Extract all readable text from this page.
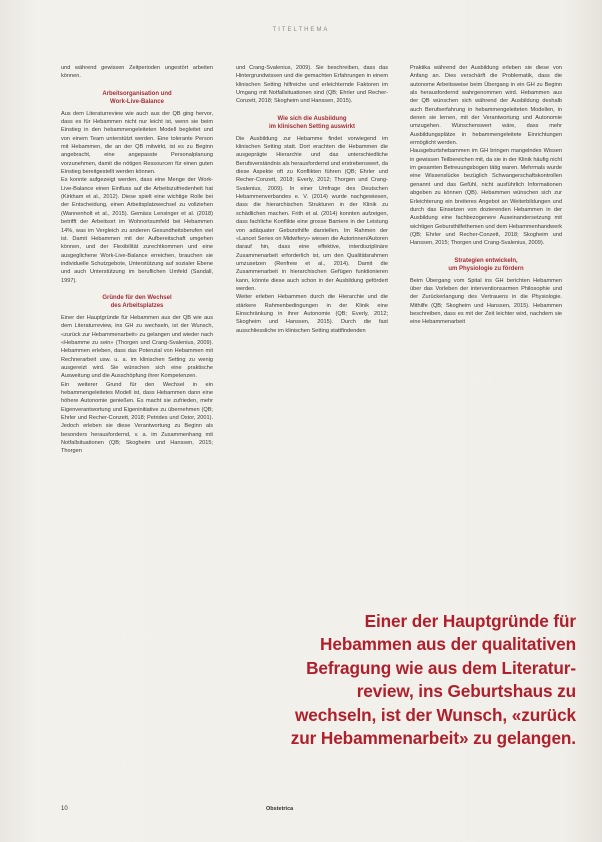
TITELTHEMA

und während gewissen Zeitperioden ungestört arbeiten können.

Arbeitsorganisation und
Work-Live-Balance

Aus dem Literaturreview wie auch aus der QB ging hervor, dass es für Hebammen nicht nur leicht ist, wenn sie beim Einstieg in den hebammengeleiteten Modell begleitet und von einem Team unterstützt werden. Eine tolerante Person mit Hebammen, die an der QB mitwirkt, ist es zu Beginn angebracht, eine angepasste Personalplanung vorzunehmen, damit die nötigen Ressourcen für einen guten Einstieg bereitgestellt werden können.

Es konnte aufgezeigt werden, dass eine Menge der Work-Live-Balance einen Einfluss auf die Arbeitszufriedenheit hat (Kirkham et al., 2012). Diese spielt eine wichtige Rolle bei der Entscheidung, einen Arbeitsplatzwechsel zu vollziehen (Wannenholt et al., 2015). Gemäss Lensinger et al. (2018) betrifft der Arbeitsort im Wohnortsumfeld bei Hebammen 14%, was im Vergleich zu anderen Gesundheitsberufen viel ist. Damit Hebammen mit der Aufbereitschaft umgehen können, und der Flexibilität zurechtkommen und eine ausgeglichene Work-Live-Balance erreichen, brauchen sie individuelle Schutzgebote, Unterstützung auf sozialer Ebene und auch Unterstützung im beruflichen Umfeld (Sandall, 1997).

Gründe für den Wechsel
des Arbeitsplatzes

Einer der Hauptgründe für Hebammen aus der QB wie aus dem Literaturreview, ins GH zu wechseln, ist der Wunsch, «zurück zur Hebammenarbeit» zu gelangen und wieder nach «Hebamme zu sein» (Thorgen und Crang-Svalenius, 2009). Hebammen erleben, dass das Potenzial von Hebammen mit Rechnerarbeit usw. u. a. im klinischen Setting zu wenig ausgereizt wird. Sie wünschen sich eine praktische Ausweitung und die Ausschöpfung ihrer Kompetenzen.

Ein weiterer Grund für den Wechsel in ein hebammengeleitetes Modell ist, dass Hebammen dann eine höhere Autonomie genießen. Es macht sie zufrieden, mehr Eigenverantwortung und Eigeninitiative zu übernehmen (QB; Ehrler und Recher-Conzett, 2018; Petrides und Ostor, 2001). Jedoch erleben sie diese Verantwortung zu Beginn als besonders herausfordernd, v. a. im Zusammenhang mit Notfallsituationen (QB; Skogheim und Hanssen, 2015; Thorgen

und Crang-Svalenius, 2009). Sie beschreiben, dass das Hintergrundwissen und die gemachten Erfahrungen in einem klinischen Setting hilfreiche und erleichternde Faktoren im Umgang mit Notfallsituationen sind (QB; Ehrler und Recher-Conzett, 2018; Skogheim und Hanssen, 2015).

Wie sich die Ausbildung
im klinischen Setting auswirkt

Die Ausbildung zur Hebamme findet vorwiegend im klinischen Setting statt. Dort erachten die Hebammen die ausgeprägte Hierarchie und das unterschiedliche Berufsverständnis als herausfordernd und erstrebenswert, da diese Aspekte oft zu Konflikten führen (QB; Ehrler und Recher-Conzett, 2018; Everly, 2012; Thorgen und Crang-Svalenius, 2009). In einer Umfrage des Deutschen Hebammenverbandes e. V. (2014) wurde nachgewiesen, dass die hierarchischen Strukturen in der Klinik zu schädlichen machen. Frith et al. (2014) konnten aufzeigen, dass fachliche Konflikte eine grosse Barriere in der Leistung von adäquater Gebursthilfe darstellen. Im Rahmen der «Lancet Series on Midwifery» wiesen die Autorinnen/Autoren darauf hin, dass eine effektive, interdisziplinäre Zusammenarbeit erforderlich ist, um den Qualitätsrahmen umzusetzen (Renfrew et al., 2014). Damit die Zusammenarbeit in hierarchischen Gefügen funktionieren kann, könnte diese auch schon in der Ausbildung gefördert werden.

Weiter erleben Hebammen durch die Hierarchie und die stärkere Rahmenbedingungen in der Klinik eine Einschränkung in ihrer Autonomie (QB; Everly, 2012; Skogheim und Hanssen, 2015). Durch die fast ausschliessliche im klinischen Setting stattfindenden

Praktika während der Ausbildung erleben sie diese von Anfang an. Dies verschärft die Problematik, dass die autonome Arbeitsweise beim Übergang in ein GH zu Beginn als herausfordernd wahrgenommen wird. Hebammen aus der QB wünschen sich während der Ausbildung deshalb auch Berufserfahrung in hebammengeleiteten Modellen, in denen sie lernen, mit der Verantwortung und Autonomie umzugehen. Wünschenswert wäre, dass mehr Ausbildungsplätze in hebammengeleitete Einrichtungen ermöglicht werden.

Hausgeburtshebammen im GH bringen mangelndes Wissen in gewissen Teilbereichen mit, da sie in der Klinik häufig nicht im gesamten Betreuungsbogen tätig waren. Mehrmals wurde eine Wissenslücke bezüglich Schwangerschaftskontrollen genannt und das Gefühl, nicht ausführlich Informationen abgeben zu können (QB). Hebammen wünschen sich zur Erleichterung ein breiteres Angebot an Weiterbildungen und durch das Einsetzen von dozierenden Hebammen in der Ausbildung eine fachbezogenere Auseinandersetzung mit wichtigen Gebursthilfethemen und dem Hebammenhandwerk (QB; Ehrler und Recher-Conzett, 2018; Skogheim und Hanssen, 2015; Thorgen und Crang-Svalenius, 2009).

Strategien entwickeln,
um Physiologie zu fördern

Beim Übergang vom Spital ins GH berichten Hebammen über das Vorleben der interventionsarmen Philosophie und der Zurückerlangung des Vertrauens in die Physiologie. Mithilfe (QB; Skogheim und Hanssen, 2015). Hebammen beschreiben, dass es mit der Zeit leichter wird, nachdem sie eine Hebammenarbeit

Einer der Hauptgründe für
Hebammen aus der qualitativen
Befragung wie aus dem Literatur-
review, ins Geburtshaus zu
wechseln, ist der Wunsch, «zurück
zur Hebammenarbeit» zu gelangen.
10	Obstetrica
